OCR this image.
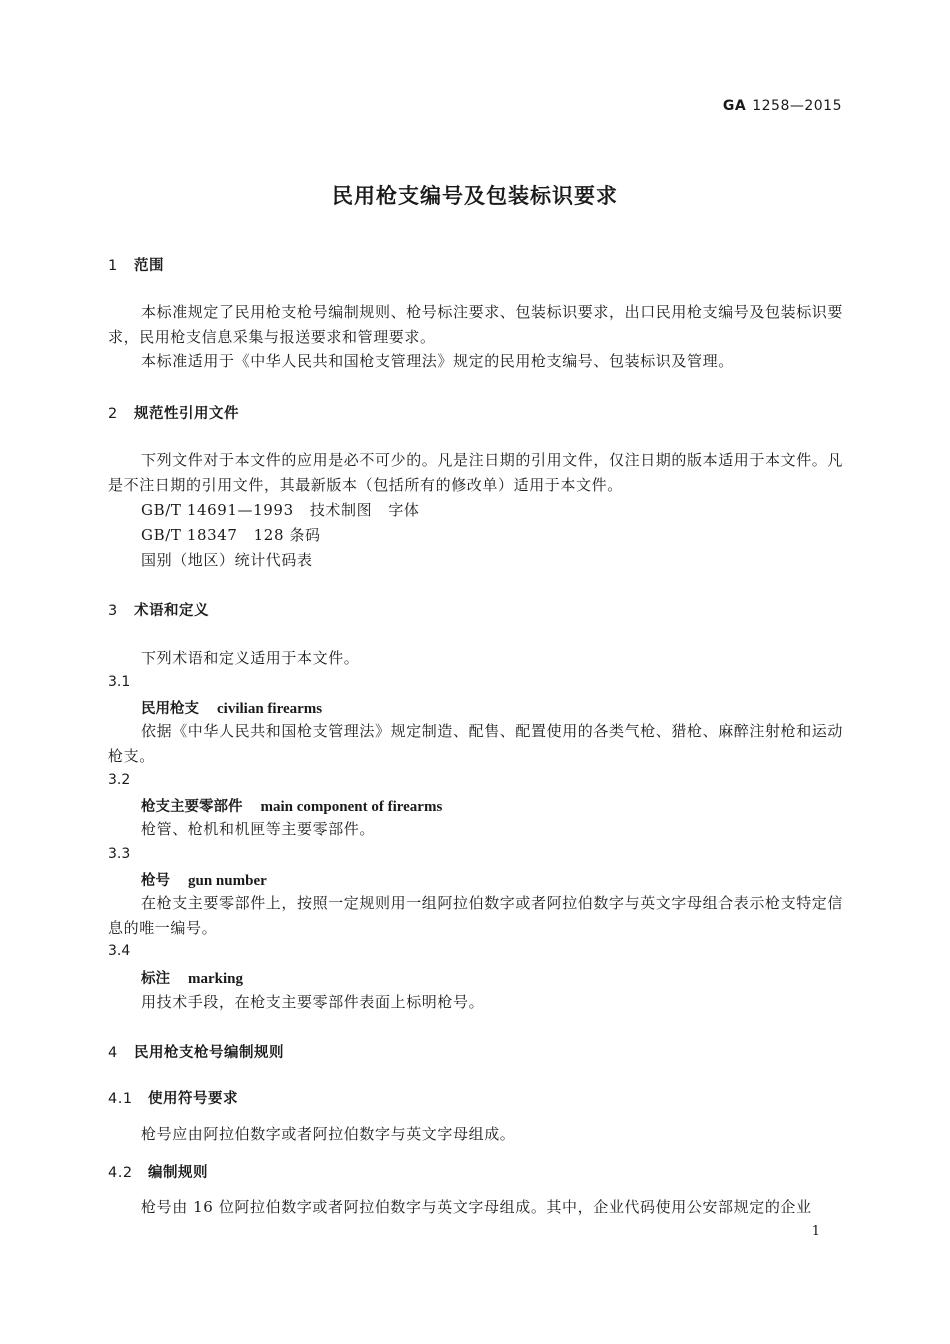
GA 1258—2015
民用枪支编号及包装标识要求
1 范围
本标准规定了民用枪支枪号编制规则、枪号标注要求、包装标识要求，出口民用枪支编号及包装标识要求，民用枪支信息采集与报送要求和管理要求。
本标准适用于《中华人民共和国枪支管理法》规定的民用枪支编号、包装标识及管理。
2 规范性引用文件
下列文件对于本文件的应用是必不可少的。凡是注日期的引用文件，仅注日期的版本适用于本文件。凡是不注日期的引用文件，其最新版本（包括所有的修改单）适用于本文件。
GB/T 14691—1993   技术制图   字体
GB/T 18347   128 条码
国别（地区）统计代码表
3 术语和定义
下列术语和定义适用于本文件。
3.1
民用枪支 civilian firearms
依据《中华人民共和国枪支管理法》规定制造、配售、配置使用的各类气枪、猎枪、麻醉注射枪和运动枪支。
3.2
枪支主要零部件 main component of firearms
枪管、枪机和机匣等主要零部件。
3.3
枪号 gun number
在枪支主要零部件上，按照一定规则用一组阿拉伯数字或者阿拉伯数字与英文字母组合表示枪支特定信息的唯一编号。
3.4
标注 marking
用技术手段，在枪支主要零部件表面上标明枪号。
4 民用枪支枪号编制规则
4.1 使用符号要求
枪号应由阿拉伯数字或者阿拉伯数字与英文字母组成。
4.2 编制规则
枪号由 16 位阿拉伯数字或者阿拉伯数字与英文字母组成。其中，企业代码使用公安部规定的企业
1
